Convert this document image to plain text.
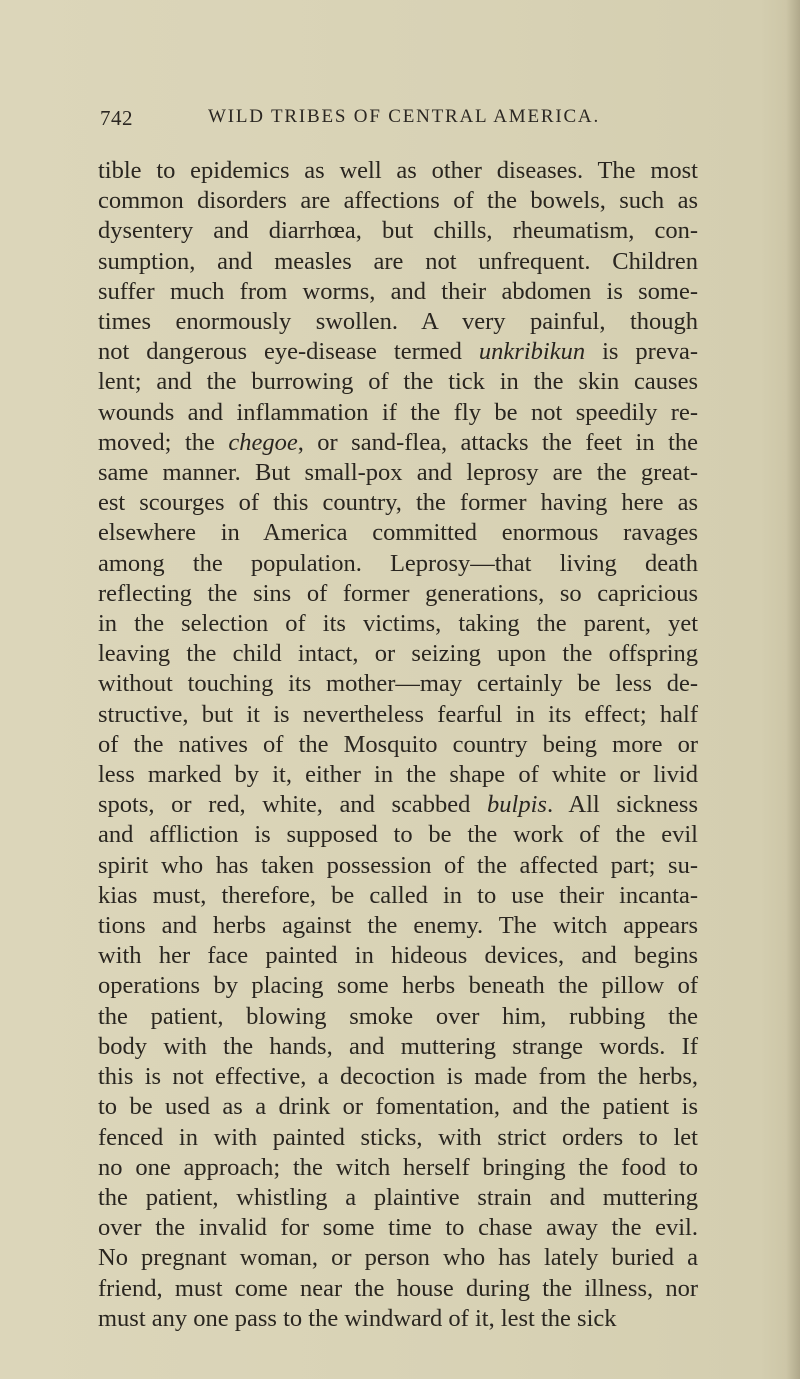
742	WILD TRIBES OF CENTRAL AMERICA.
tible to epidemics as well as other diseases. The most
common disorders are affections of the bowels, such as
dysentery and diarrhœa, but chills, rheumatism, con-
sumption, and measles are not unfrequent. Children
suffer much from worms, and their abdomen is some-
times enormously swollen. A very painful, though
not dangerous eye-disease termed unkribikun is preva-
lent; and the burrowing of the tick in the skin causes
wounds and inflammation if the fly be not speedily re-
moved; the chegoe, or sand-flea, attacks the feet in the
same manner. But small-pox and leprosy are the great-
est scourges of this country, the former having here as
elsewhere in America committed enormous ravages
among the population. Leprosy—that living death
reflecting the sins of former generations, so capricious
in the selection of its victims, taking the parent, yet
leaving the child intact, or seizing upon the offspring
without touching its mother—may certainly be less de-
structive, but it is nevertheless fearful in its effect; half
of the natives of the Mosquito country being more or
less marked by it, either in the shape of white or livid
spots, or red, white, and scabbed bulpis. All sickness
and affliction is supposed to be the work of the evil
spirit who has taken possession of the affected part; su-
kias must, therefore, be called in to use their incanta-
tions and herbs against the enemy. The witch appears
with her face painted in hideous devices, and begins
operations by placing some herbs beneath the pillow of
the patient, blowing smoke over him, rubbing the
body with the hands, and muttering strange words. If
this is not effective, a decoction is made from the herbs,
to be used as a drink or fomentation, and the patient is
fenced in with painted sticks, with strict orders to let
no one approach; the witch herself bringing the food to
the patient, whistling a plaintive strain and muttering
over the invalid for some time to chase away the evil.
No pregnant woman, or person who has lately buried a
friend, must come near the house during the illness, nor
must any one pass to the windward of it, lest the sick
